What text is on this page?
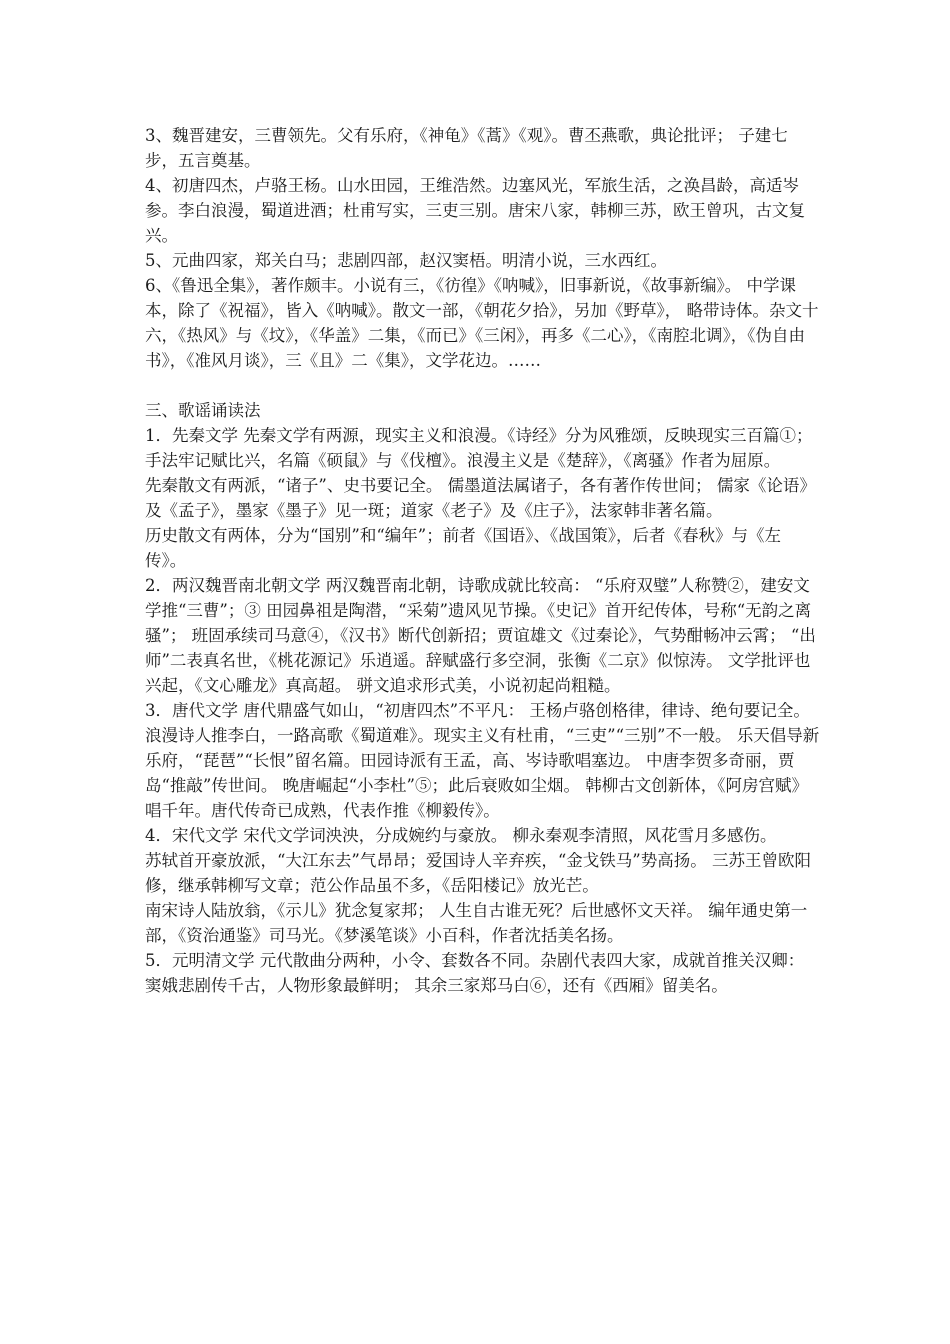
3、魏晋建安，三曹领先。父有乐府，《神龟》《蒿》《观》。曹丕燕歌，典论批评； 子建七步，五言奠基。

4、初唐四杰，卢骆王杨。山水田园，王维浩然。边塞风光，军旅生活，之涣昌龄，高适岑参。李白浪漫，蜀道进酒；杜甫写实，三吏三别。唐宋八家，韩柳三苏，欧王曾巩，古文复兴。

5、元曲四家，郑关白马；悲剧四部，赵汉窦梧。明清小说，三水西红。

6、《鲁迅全集》，著作颇丰。小说有三，《彷徨》《呐喊》，旧事新说，《故事新编》。 中学课本，除了《祝福》，皆入《呐喊》。散文一部，《朝花夕拾》，另加《野草》， 略带诗体。杂文十六，《热风》与《坟》，《华盖》二集，《而已》《三闲》，再多《二心》，《南腔北调》，《伪自由书》，《准风月谈》，三《且》二《集》，文学花边。……

三、歌谣诵读法

1．先秦文学 先秦文学有两源，现实主义和浪漫。《诗经》分为风雅颂，反映现实三百篇①； 手法牢记赋比兴，名篇《硕鼠》与《伐檀》。浪漫主义是《楚辞》，《离骚》作者为屈原。

先秦散文有两派，“诸子”、史书要记全。 儒墨道法属诸子，各有著作传世间； 儒家《论语》及《孟子》，墨家《墨子》见一斑；道家《老子》及《庄子》，法家韩非著名篇。

历史散文有两体，分为“国别”和“编年”；前者《国语》、《战国策》，后者《春秋》与《左传》。

2．两汉魏晋南北朝文学 两汉魏晋南北朝，诗歌成就比较高： “乐府双璧”人称赞②，建安文学推“三曹”；③ 田园鼻祖是陶潜，“采菊”遗风见节操。《史记》首开纪传体，号称“无韵之离骚”； 班固承续司马意④，《汉书》断代创新招；贾谊雄文《过秦论》，气势酣畅冲云霄； “出师”二表真名世，《桃花源记》乐逍遥。辞赋盛行多空洞，张衡《二京》似惊涛。 文学批评也兴起，《文心雕龙》真高超。 骈文追求形式美，小说初起尚粗糙。

3．唐代文学 唐代鼎盛气如山，“初唐四杰”不平凡： 王杨卢骆创格律，律诗、绝句要记全。 浪漫诗人推李白，一路高歌《蜀道难》。现实主义有杜甫，“三吏”“三别”不一般。 乐天倡导新乐府，“琵琶”“长恨”留名篇。田园诗派有王孟，高、岑诗歌唱塞边。 中唐李贺多奇丽，贾岛“推敲”传世间。 晚唐崛起“小李杜”⑤；此后衰败如尘烟。 韩柳古文创新体，《阿房宫赋》唱千年。唐代传奇已成熟，代表作推《柳毅传》。

4．宋代文学 宋代文学词泱泱，分成婉约与豪放。 柳永秦观李清照，风花雪月多感伤。

苏轼首开豪放派，“大江东去”气昂昂；爱国诗人辛弃疾，“金戈铁马”势高扬。 三苏王曾欧阳修，继承韩柳写文章；范公作品虽不多，《岳阳楼记》放光芒。

南宋诗人陆放翁，《示儿》犹念复家邦； 人生自古谁无死？后世感怀文天祥。 编年通史第一部，《资治通鉴》司马光。《梦溪笔谈》小百科，作者沈括美名扬。

5．元明清文学 元代散曲分两种，小令、套数各不同。杂剧代表四大家，成就首推关汉卿：

窦娥悲剧传千古，人物形象最鲜明； 其余三家郑马白⑥，还有《西厢》留美名。
